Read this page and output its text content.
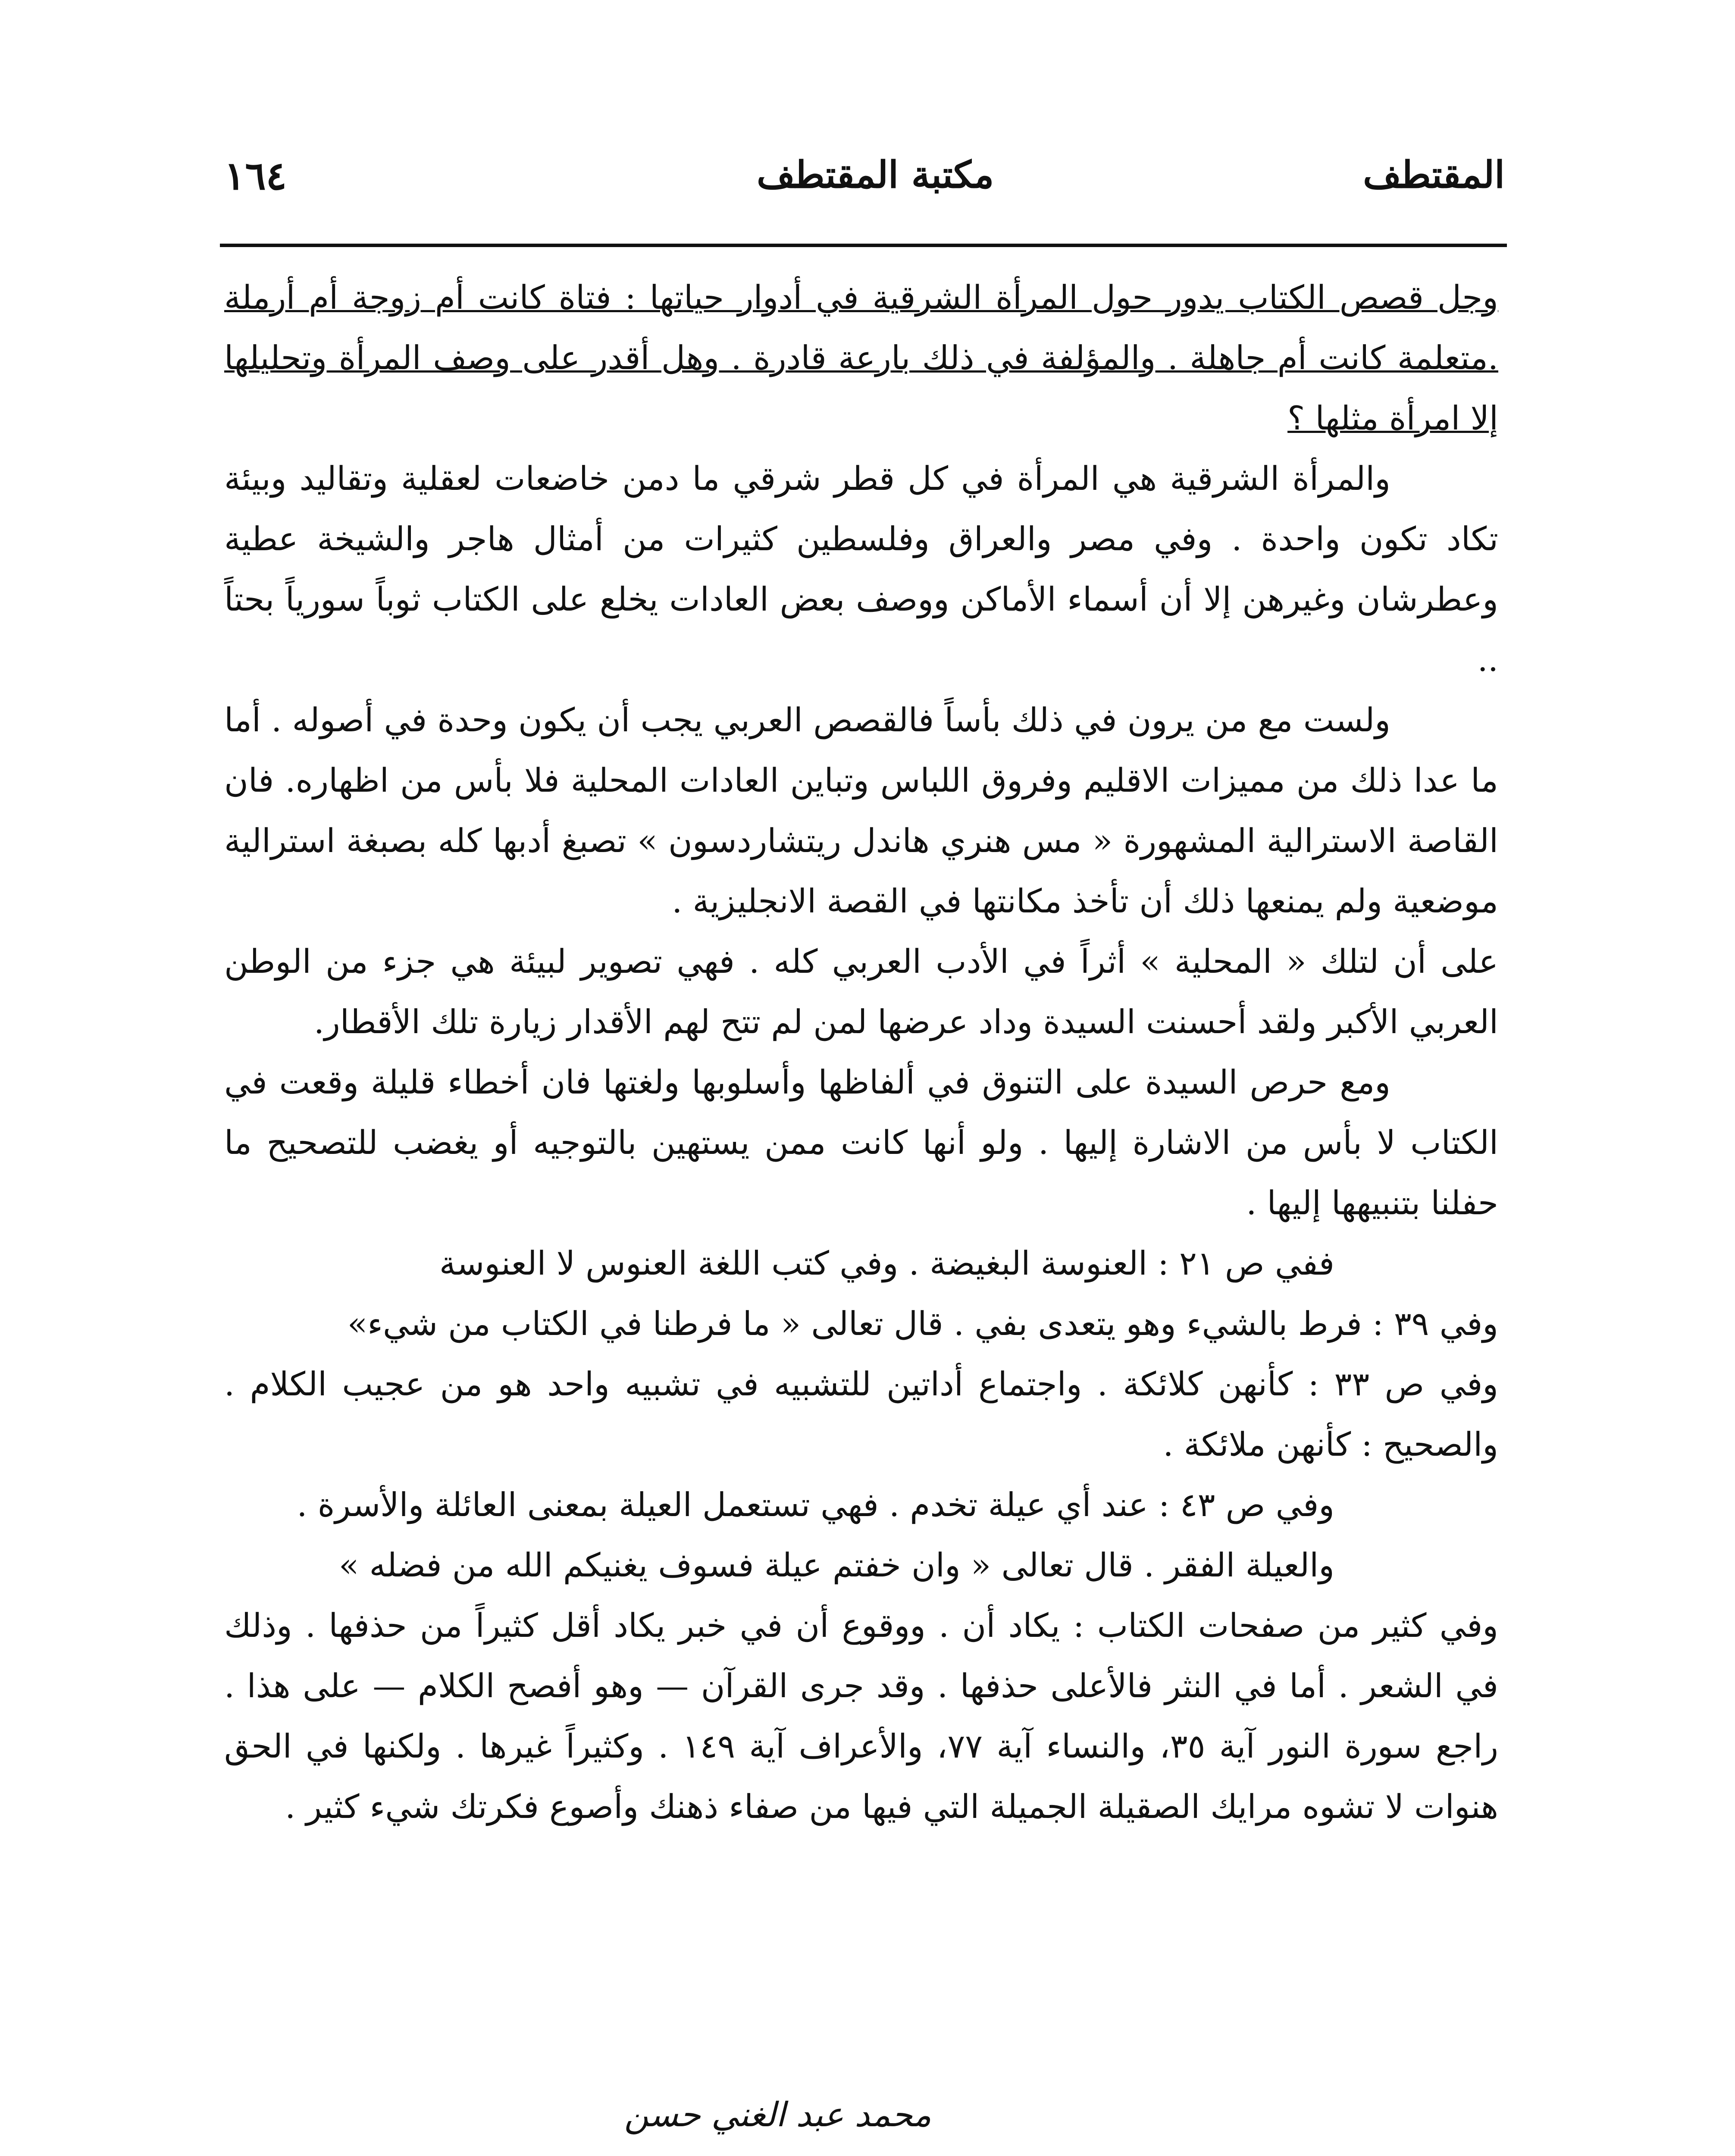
١٦٤	مكتبة المقتطف	المقتطف

وجل قصص الكتاب يدور حول المرأة الشرقية في أدوار حياتها : فتاة كانت أم زوجة أم أرملة .متعلمة كانت أم جاهلة . والمؤلفة في ذلك بارعة قادرة . وهل أقدر على وصف المرأة وتحليلها إلا امرأة مثلها ؟

والمرأة الشرقية هي المرأة في كل قطر شرقي ما دمن خاضعات لعقلية وتقاليد وبيئة تكاد تكون واحدة . وفي مصر والعراق وفلسطين كثيرات من أمثال هاجر والشيخة عطية وعطرشان وغيرهن إلا أن أسماء الأماكن ووصف بعض العادات يخلع على الكتاب ثوباً سورياً بحتاً ..

ولست مع من يرون في ذلك بأساً فالقصص العربي يجب أن يكون وحدة في أصوله . أما ما عدا ذلك من مميزات الاقليم وفروق اللباس وتباين العادات المحلية فلا بأس من اظهاره. فان القاصة الاسترالية المشهورة « مس هنري هاندل ريتشاردسون » تصبغ أدبها كله بصبغة استرالية موضعية ولم يمنعها ذلك أن تأخذ مكانتها في القصة الانجليزية .

على أن لتلك « المحلية » أثراً في الأدب العربي كله . فهي تصوير لبيئة هي جزء من الوطن العربي الأكبر ولقد أحسنت السيدة وداد عرضها لمن لم تتح لهم الأقدار زيارة تلك الأقطار.

ومع حرص السيدة على التنوق في ألفاظها وأسلوبها ولغتها فان أخطاء قليلة وقعت في الكتاب لا بأس من الاشارة إليها . ولو أنها كانت ممن يستهين بالتوجيه أو يغضب للتصحيح ما حفلنا بتنبيهها إليها .

ففي ص ٢١ : العنوسة البغيضة . وفي كتب اللغة العنوس لا العنوسة

وفي ٣٩ : فرط بالشيء وهو يتعدى بفي . قال تعالى « ما فرطنا في الكتاب من شيء»

وفي ص ٣٣ : كأنهن كلائكة . واجتماع أداتين للتشبيه في تشبيه واحد هو من عجيب الكلام . والصحيح : كأنهن ملائكة .

وفي ص ٤٣ : عند أي عيلة تخدم . فهي تستعمل العيلة بمعنى العائلة والأسرة .

والعيلة الفقر . قال تعالى « وان خفتم عيلة فسوف يغنيكم الله من فضله »

وفي كثير من صفحات الكتاب : يكاد أن . ووقوع أن في خبر يكاد أقل كثيراً من حذفها . وذلك في الشعر . أما في النثر فالأعلى حذفها . وقد جرى القرآن — وهو أفصح الكلام — على هذا . راجع سورة النور آية ٣٥، والنساء آية ٧٧، والأعراف آية ١٤٩ . وكثيراً غيرها . ولكنها في الحق هنوات لا تشوه مرايك الصقيلة الجميلة التي فيها من صفاء ذهنك وأصوع فكرتك شيء كثير .

محمد عبد الغني حسن
